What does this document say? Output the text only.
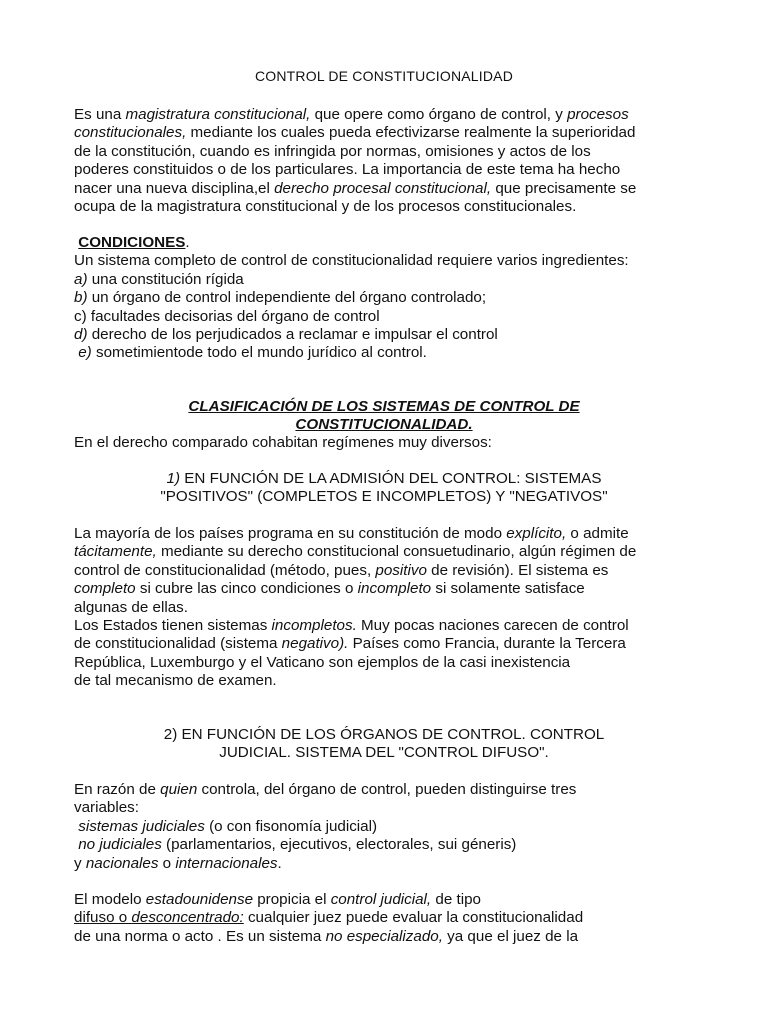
CONTROL DE CONSTITUCIONALIDAD
Es una magistratura constitucional, que opere como órgano de control, y procesos
constitucionales, mediante los cuales pueda efectivizarse realmente la superioridad
de la constitución, cuando es infringida por normas, omisiones y actos de los
poderes constituidos o de los particulares. La importancia de este tema ha hecho
nacer una nueva disciplina,el derecho procesal constitucional, que precisamente se
ocupa de la magistratura constitucional y de los procesos constitucionales.
CONDICIONES.
Un sistema completo de control de constitucionalidad requiere varios ingredientes:
a) una constitución rígida
b) un órgano de control independiente del órgano controlado;
c) facultades decisorias del órgano de control
d) derecho de los perjudicados a reclamar e impulsar el control
e) sometimientode todo el mundo jurídico al control.
CLASIFICACIÓN DE LOS SISTEMAS DE CONTROL DE
CONSTITUCIONALIDAD.
En el derecho comparado cohabitan regímenes muy diversos:
1) EN FUNCIÓN DE LA ADMISIÓN DEL CONTROL: SISTEMAS
"POSITIVOS" (COMPLETOS E INCOMPLETOS) Y "NEGATIVOS"
La mayoría de los países programa en su constitución de modo explícito, o admite
tácitamente, mediante su derecho constitucional consuetudinario, algún régimen de
control de constitucionalidad (método, pues, positivo de revisión). El sistema es
completo si cubre las cinco condiciones o incompleto si solamente satisface
algunas de ellas.
Los Estados tienen sistemas incompletos. Muy pocas naciones carecen de control
de constitucionalidad (sistema negativo). Países como Francia, durante la Tercera
República, Luxemburgo y el Vaticano son ejemplos de la casi inexistencia
de tal mecanismo de examen.
2) EN FUNCIÓN DE LOS ÓRGANOS DE CONTROL. CONTROL
JUDICIAL. SISTEMA DEL "CONTROL DIFUSO".
En razón de quien controla, del órgano de control, pueden distinguirse tres
variables:
sistemas judiciales (o con fisonomía judicial)
no judiciales (parlamentarios, ejecutivos, electorales, sui géneris)
y nacionales o internacionales.
El modelo estadounidense propicia el control judicial, de tipo
difuso o desconcentrado: cualquier juez puede evaluar la constitucionalidad
de una norma o acto . Es un sistema no especializado, ya que el juez de la
